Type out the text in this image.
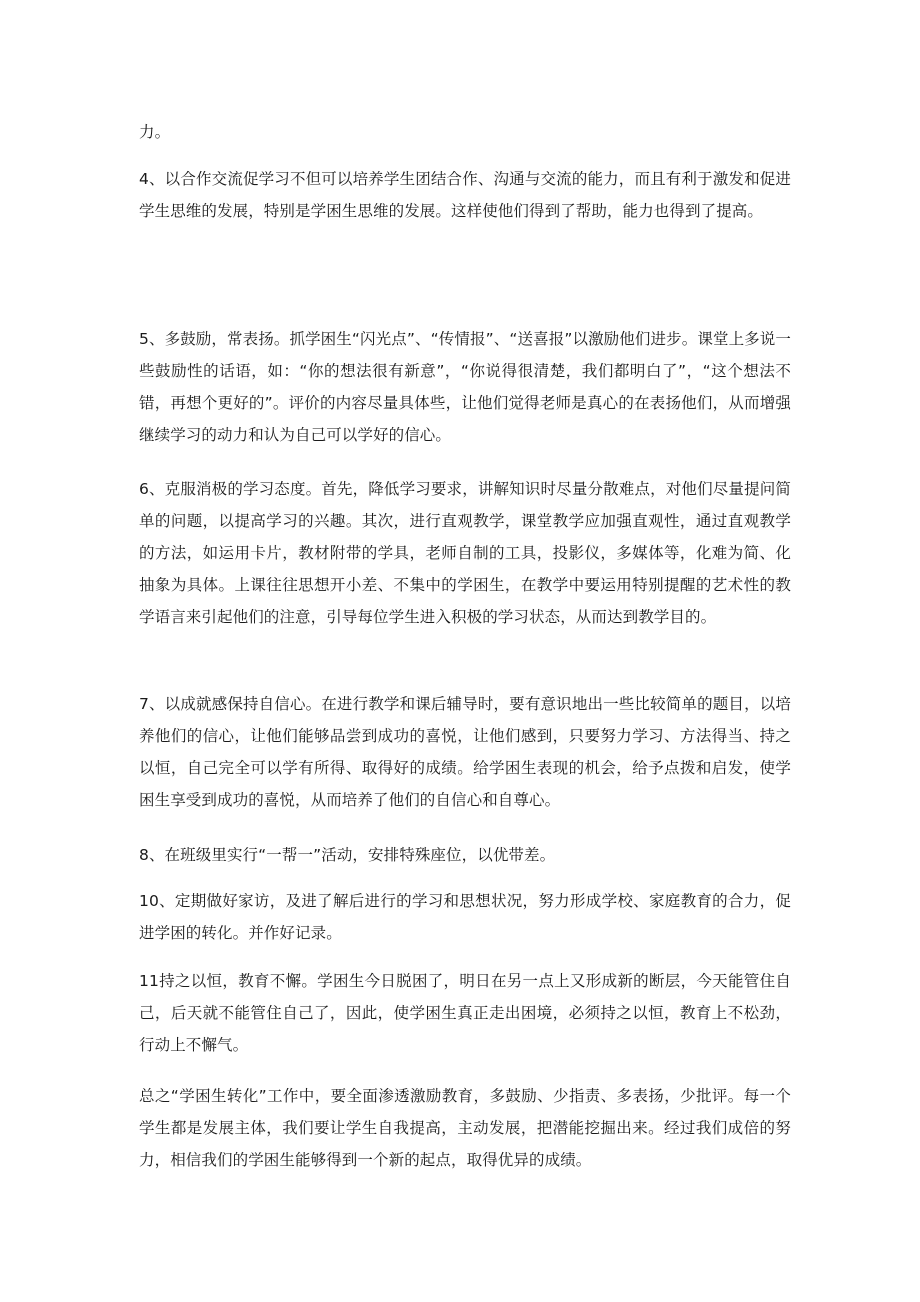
力。

4、以合作交流促学习不但可以培养学生团结合作、沟通与交流的能力，而且有利于激发和促进学生思维的发展，特别是学困生思维的发展。这样使他们得到了帮助，能力也得到了提高。

5、多鼓励，常表扬。抓学困生“闪光点”、“传情报”、“送喜报”以激励他们进步。课堂上多说一些鼓励性的话语，如：“你的想法很有新意”，“你说得很清楚，我们都明白了”，“这个想法不错，再想个更好的”。评价的内容尽量具体些，让他们觉得老师是真心的在表扬他们，从而增强继续学习的动力和认为自己可以学好的信心。

6、克服消极的学习态度。首先，降低学习要求，讲解知识时尽量分散难点，对他们尽量提问简单的问题，以提高学习的兴趣。其次，进行直观教学，课堂教学应加强直观性，通过直观教学的方法，如运用卡片，教材附带的学具，老师自制的工具，投影仪，多媒体等，化难为简、化抽象为具体。上课往往思想开小差、不集中的学困生，在教学中要运用特别提醒的艺术性的教学语言来引起他们的注意，引导每位学生进入积极的学习状态，从而达到教学目的。

7、以成就感保持自信心。在进行教学和课后辅导时，要有意识地出一些比较简单的题目，以培养他们的信心，让他们能够品尝到成功的喜悦，让他们感到，只要努力学习、方法得当、持之以恒，自己完全可以学有所得、取得好的成绩。给学困生表现的机会，给予点拨和启发，使学困生享受到成功的喜悦，从而培养了他们的自信心和自尊心。

8、在班级里实行“一帮一”活动，安排特殊座位，以优带差。

10、定期做好家访，及进了解后进行的学习和思想状况，努力形成学校、家庭教育的合力，促进学困的转化。并作好记录。

11持之以恒，教育不懈。学困生今日脱困了，明日在另一点上又形成新的断层，今天能管住自己，后天就不能管住自己了，因此，使学困生真正走出困境，必须持之以恒，教育上不松劲，行动上不懈气。

总之“学困生转化”工作中，要全面渗透激励教育，多鼓励、少指责、多表扬，少批评。每一个学生都是发展主体，我们要让学生自我提高，主动发展，把潜能挖掘出来。经过我们成倍的努力，相信我们的学困生能够得到一个新的起点，取得优异的成绩。
